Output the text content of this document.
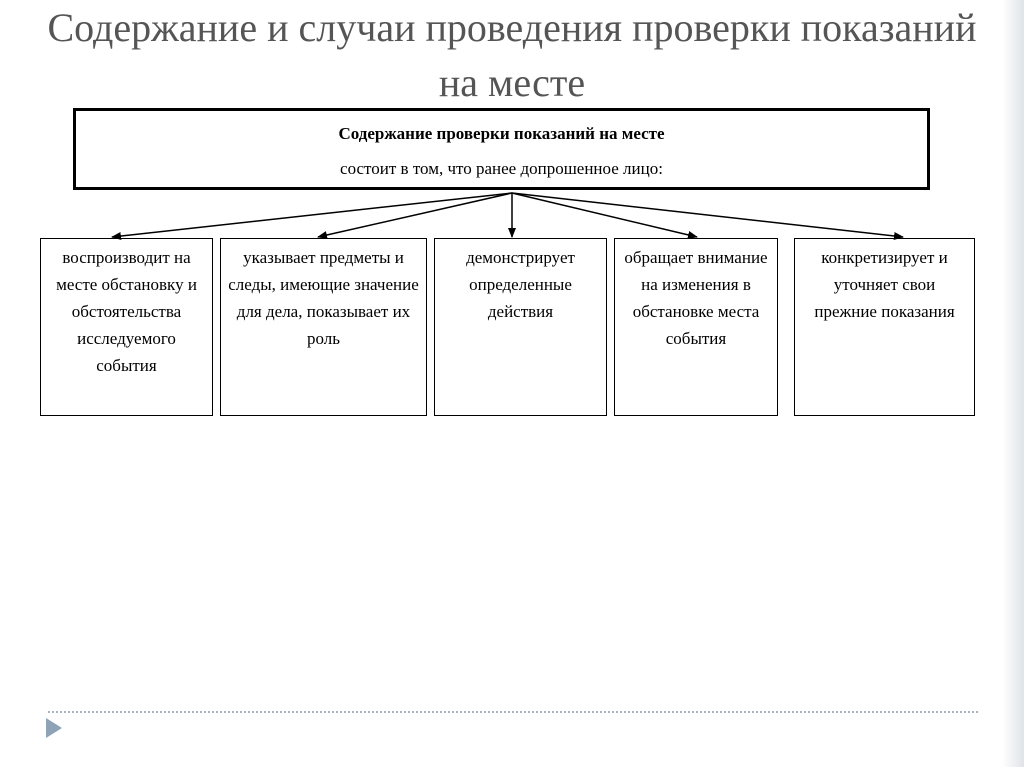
Содержание и случаи проведения проверки показаний на месте
Содержание проверки показаний на месте
состоит в том, что ранее допрошенное лицо:
воспроизводит на месте обстановку и обстоятельства исследуемого события
указывает предметы и следы, имеющие значение для дела, показывает их роль
демонстрирует определенные действия
обращает внимание на изменения в обстановке места события
конкретизирует и уточняет свои прежние показания
